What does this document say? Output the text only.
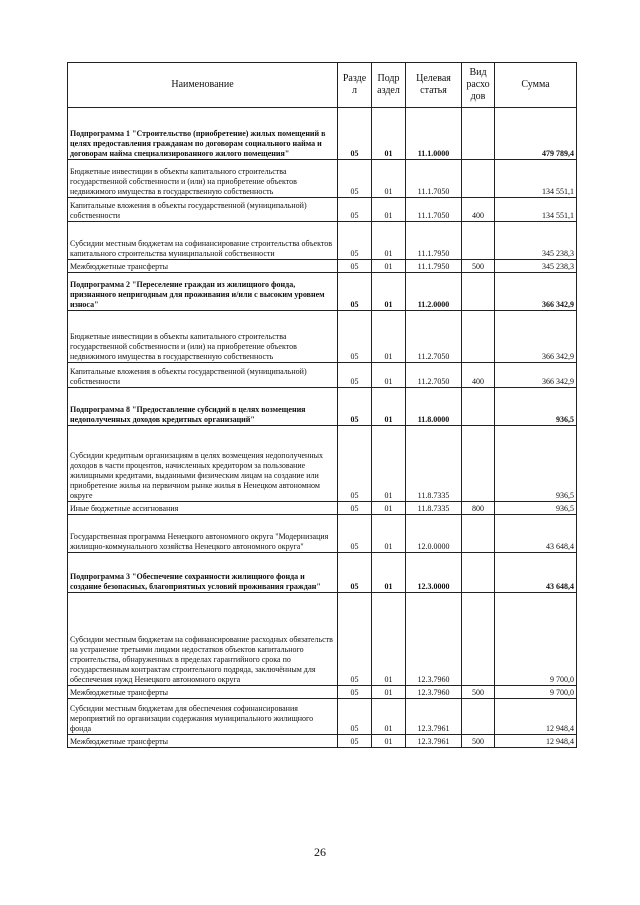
Наименование	Разде л	Подр аздел	Целевая статья	Вид расхо дов	Сумма
Подпрограмма 1 "Строительство (приобретение) жилых помещений в целях предоставления гражданам по договорам социального найма и договорам найма специализированного жилого помещения"	05	01	11.1.0000		479 789,4
Бюджетные инвестиции в объекты капитального строительства государственной собственности и (или) на приобретение объектов недвижимого имущества в государственную собственность	05	01	11.1.7050		134 551,1
Капитальные вложения в объекты государственной (муниципальной) собственности	05	01	11.1.7050	400	134 551,1
Субсидии местным бюджетам на софинансирование строительства объектов капитального строительства муниципальной собственности	05	01	11.1.7950		345 238,3
Межбюджетные трансферты	05	01	11.1.7950	500	345 238,3
Подпрограмма 2 "Переселение граждан из жилищного фонда, признанного непригодным для проживания и/или с высоким уровнем износа"	05	01	11.2.0000		366 342,9
Бюджетные инвестиции в объекты капитального строительства государственной собственности и (или) на приобретение объектов недвижимого имущества в государственную собственность	05	01	11.2.7050		366 342,9
Капитальные вложения в объекты государственной (муниципальной) собственности	05	01	11.2.7050	400	366 342,9
Подпрограмма 8 "Предоставление субсидий в целях возмещения недополученных доходов кредитных организаций"	05	01	11.8.0000		936,5
Субсидии кредитным организациям в целях возмещения недополученных доходов в части процентов, начисленных кредитором за пользование жилищными кредитами, выданными физическим лицам на создание или приобретение жилья на первичном рынке жилья в Ненецком автономном округе	05	01	11.8.7335		936,5
Иные бюджетные ассигнования	05	01	11.8.7335	800	936,5
Государственная программа Ненецкого автономного округа "Модернизация жилищно-коммунального хозяйства Ненецкого автономного округа"	05	01	12.0.0000		43 648,4
Подпрограмма 3 "Обеспечение сохранности жилищного фонда и создание безопасных, благоприятных условий проживания граждан"	05	01	12.3.0000		43 648,4
Субсидии местным бюджетам на софинансирование расходных обязательств на устранение третьими лицами недостатков объектов капитального строительства, обнаруженных в пределах гарантийного срока по государственным контрактам строительного подряда, заключённым для обеспечения нужд Ненецкого автономного округа	05	01	12.3.7960		9 700,0
Межбюджетные трансферты	05	01	12.3.7960	500	9 700,0
Субсидии местным бюджетам для обеспечения софинансирования мероприятий по организации содержания муниципального жилищного фонда	05	01	12.3.7961		12 948,4
Межбюджетные трансферты	05	01	12.3.7961	500	12 948,4
26
